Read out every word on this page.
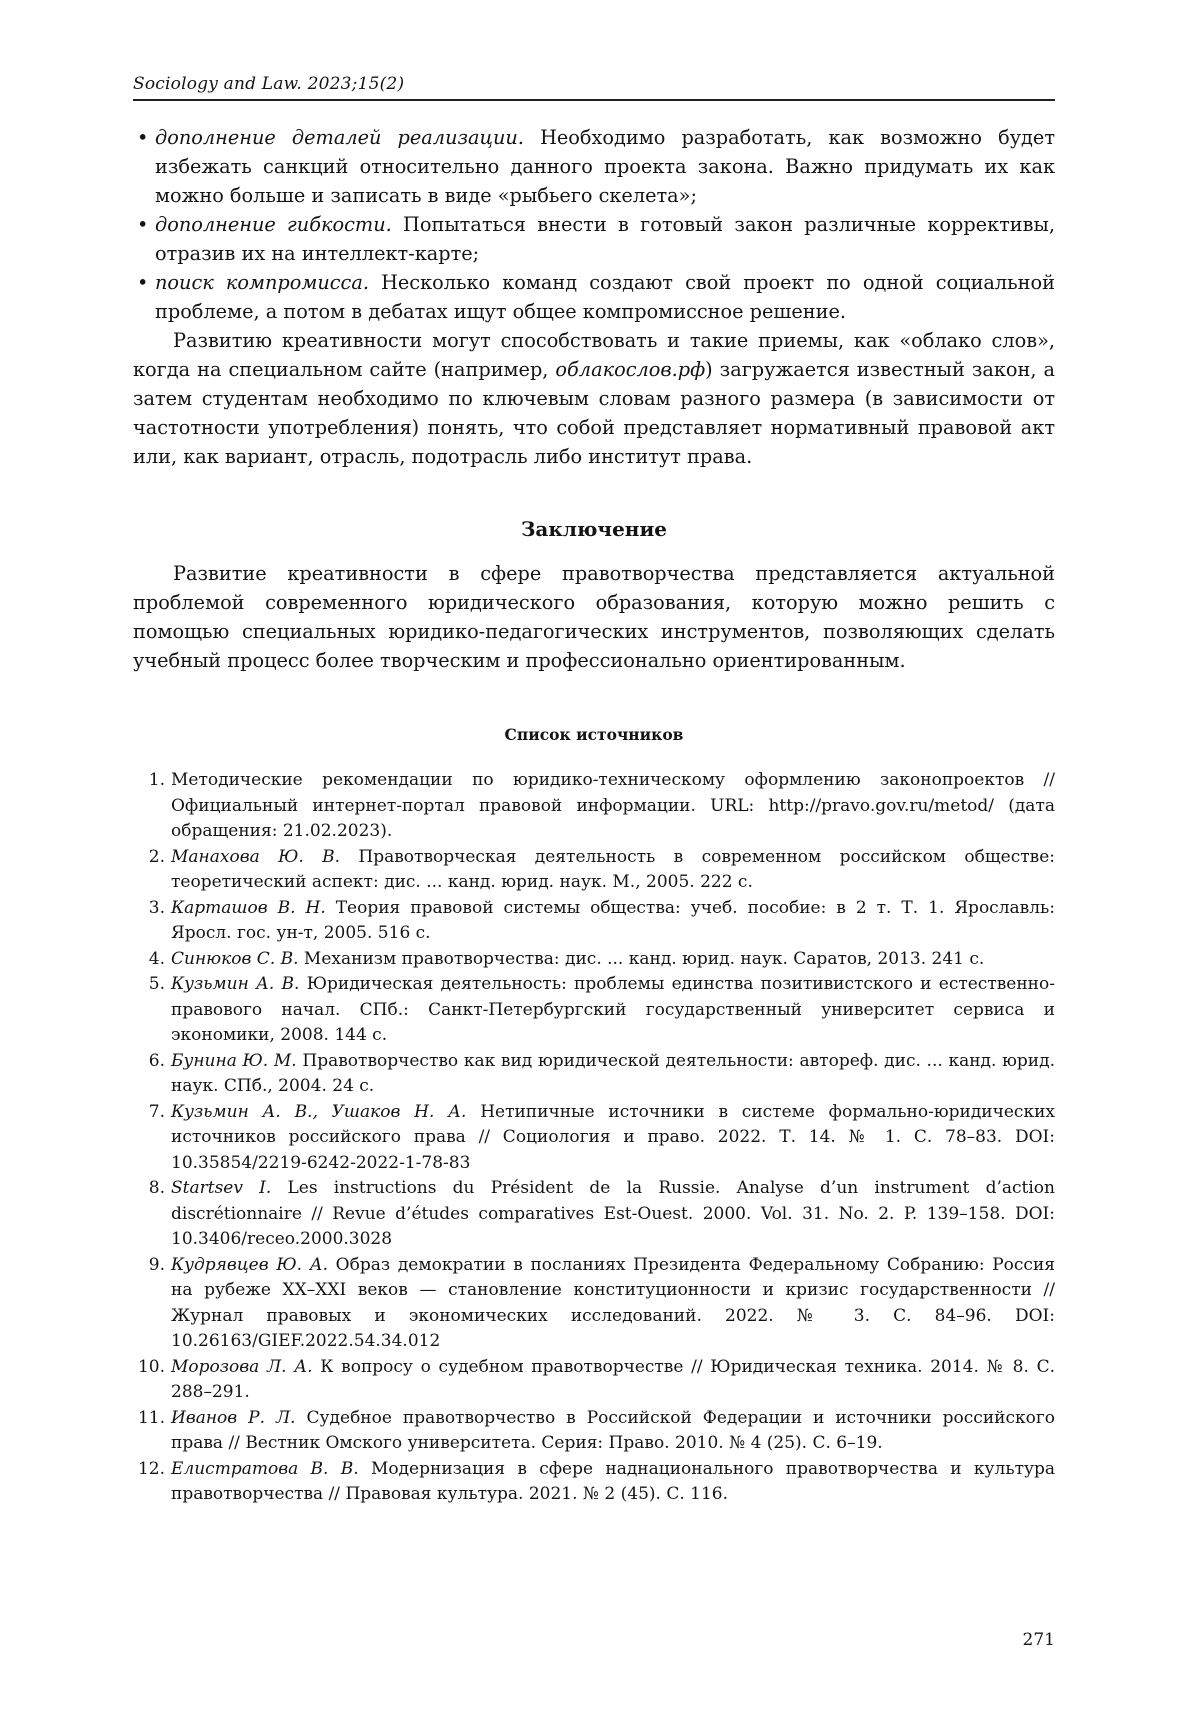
Sociology and Law. 2023;15(2)
• дополнение деталей реализации. Необходимо разработать, как возможно будет избежать санкций относительно данного проекта закона. Важно придумать их как можно больше и записать в виде «рыбьего скелета»;
• дополнение гибкости. Попытаться внести в готовый закон различные коррективы, отразив их на интеллект-карте;
• поиск компромисса. Несколько команд создают свой проект по одной социальной проблеме, а потом в дебатах ищут общее компромиссное решение.

Развитию креативности могут способствовать и такие приемы, как «облако слов», когда на специальном сайте (например, облакослов.рф) загружается известный закон, а затем студентам необходимо по ключевым словам разного размера (в зависимости от частотности употребления) понять, что собой представляет нормативный правовой акт или, как вариант, отрасль, подотрасль либо институт права.

Заключение

Развитие креативности в сфере правотворчества представляется актуальной проблемой современного юридического образования, которую можно решить с помощью специальных юридико-педагогических инструментов, позволяющих сделать учебный процесс более творческим и профессионально ориентированным.

Список источников
1. Методические рекомендации по юридико-техническому оформлению законопроектов // Официальный интернет-портал правовой информации. URL: http://pravo.gov.ru/metod/ (дата обращения: 21.02.2023).
2. Манахова Ю. В. Правотворческая деятельность в современном российском обществе: теоретический аспект: дис. ... канд. юрид. наук. М., 2005. 222 с.
3. Карташов В. Н. Теория правовой системы общества: учеб. пособие: в 2 т. Т. 1. Ярославль: Яросл. гос. ун-т, 2005. 516 с.
4. Синюков С. В. Механизм правотворчества: дис. ... канд. юрид. наук. Саратов, 2013. 241 с.
5. Кузьмин А. В. Юридическая деятельность: проблемы единства позитивистского и естественно-правового начал. СПб.: Санкт-Петербургский государственный университет сервиса и экономики, 2008. 144 с.
6. Бунина Ю. М. Правотворчество как вид юридической деятельности: автореф. дис. ... канд. юрид. наук. СПб., 2004. 24 с.
7. Кузьмин А. В., Ушаков Н. А. Нетипичные источники в системе формально-юридических источников российского права // Социология и право. 2022. Т. 14. № 1. С. 78–83. DOI: 10.35854/2219-6242-2022-1-78-83
8. Startsev I. Les instructions du Président de la Russie. Analyse d’un instrument d’action discrétionnaire // Revue d’études comparatives Est-Ouest. 2000. Vol. 31. No. 2. P. 139–158. DOI: 10.3406/receo.2000.3028
9. Кудрявцев Ю. А. Образ демократии в посланиях Президента Федеральному Собранию: Россия на рубеже XX–XXI веков — становление конституционности и кризис государственности // Журнал правовых и экономических исследований. 2022. № 3. С. 84–96. DOI: 10.26163/GIEF.2022.54.34.012
10. Морозова Л. А. К вопросу о судебном правотворчестве // Юридическая техника. 2014. № 8. С. 288–291.
11. Иванов Р. Л. Судебное правотворчество в Российской Федерации и источники российского права // Вестник Омского университета. Серия: Право. 2010. № 4 (25). С. 6–19.
12. Елистратова В. В. Модернизация в сфере наднационального правотворчества и культура правотворчества // Правовая культура. 2021. № 2 (45). С. 116.
271
